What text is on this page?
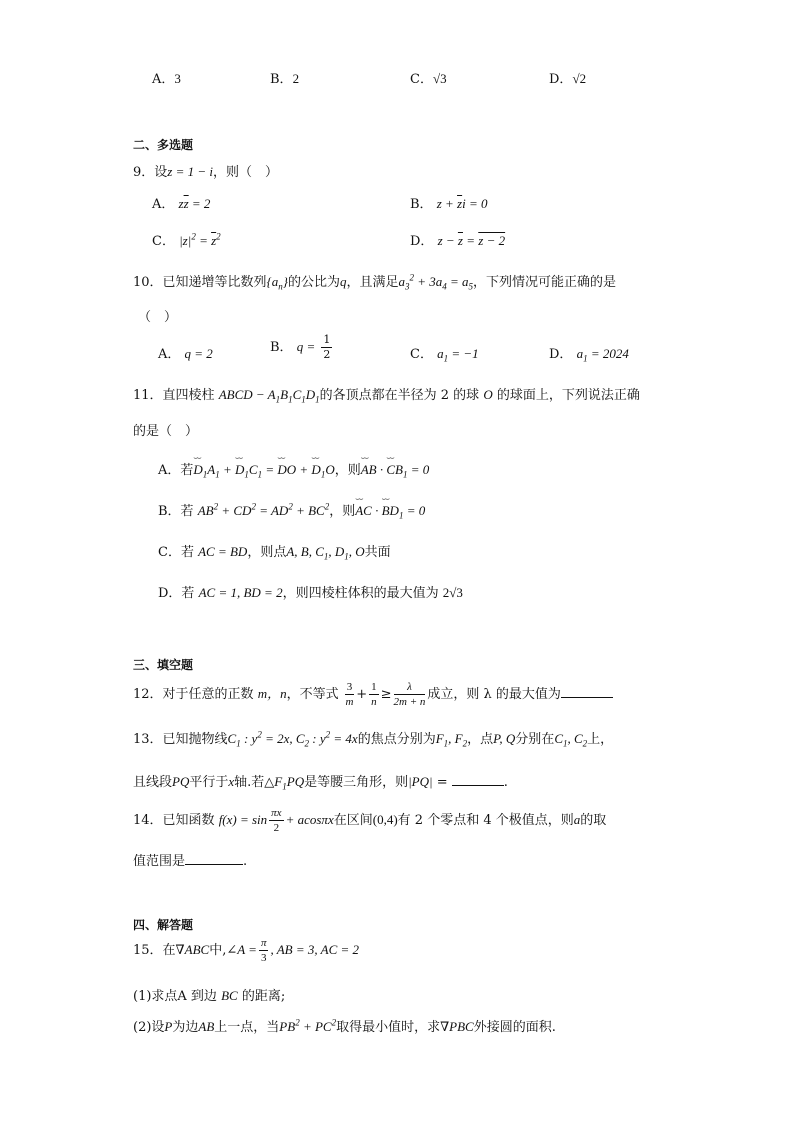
A．3	B．2	C．√3	D．√2
二、多选题
9．设z = 1 − i，则（　）
A． $z\overline{z} = 2$	B． $z + \overline{z}i = 0$
C． $|z|^2 = \overline{z}^2$	D． $z - \overline{z} = z - 2$
10．已知递增等比数列$\{a_n\}$的公比为q，且满足$a_3^2 + 3a_4 = a_5$，下列情况可能正确的是
（　）
A． q = 2	B． $q = \frac{1}{2}$	C． $a_1 = -1$	D． $a_1 = 2024$
11．直四棱柱 ABCD − $A_1B_1C_1D_1$的各顶点都在半径为 2 的球 O 的球面上，下列说法正确
的是（　）
A．若⌣⌣ $D_1A_1$ + ⌣⌣ $D_1C_1$ = ⌣⌣ DO + ⌣⌣ $D_1O$，则⌣⌣ AB · ⌣⌣ $CB_1 = 0$
B．若 $AB^2 + CD^2 = AD^2 + BC^2$，则⌣⌣ AC · ⌣⌣ $BD_1 = 0$
C．若 AC = BD，则点A, B, $C_1$, $D_1$, O共面
D．若 AC = 1, BD = 2，则四棱柱体积的最大值为 2√3
三、填空题
12．对于任意的正数 m，n，不等式 $\frac{3}{m} + \frac{1}{n} \ge \frac{\lambda}{2m + n}$ 成立，则 λ 的最大值为
13．已知抛物线$C_1$ : $y^2 = 2x$, $C_2$ : $y^2 = 4x$的焦点分别为$F_1$, $F_2$，点P, Q分别在$C_1$, $C_2$上，
且线段PQ平行于x轴.若$\triangle F_1PQ$是等腰三角形，则|PQ| =	.
14．已知函数 $f(x) = \sin \frac{\pi x}{2} + acos\pi x$在区间(0,4)有 2 个零点和 4 个极值点，则a的取
值范围是	.
四、解答题
15．在∇ABC中,∠A = $\frac{\pi}{3}$ , AB = 3, AC = 2
(1)求点A 到边 BC 的距离;
(2)设P为边AB上一点，当$PB^2 + PC^2$取得最小值时，求∇PBC外接圆的面积.
